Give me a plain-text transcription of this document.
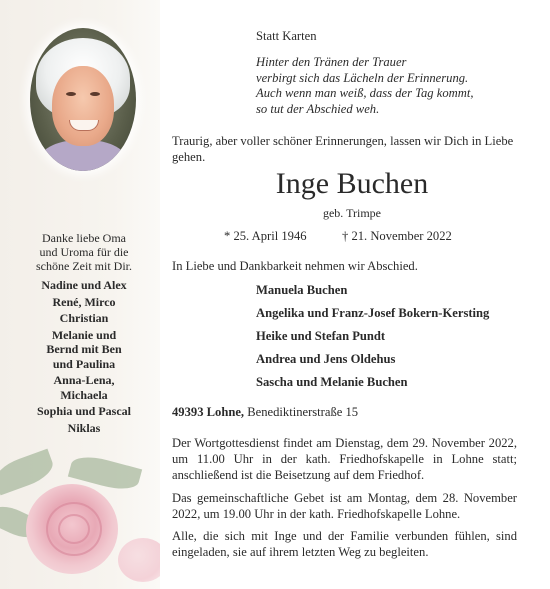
Danke liebe Oma
und Uroma für die
schöne Zeit mit Dir.
Nadine und Alex
René, Mirco
Christian
Melanie und
Bernd mit Ben
und Paulina
Anna-Lena,
Michaela
Sophia und Pascal
Niklas
Statt Karten
Hinter den Tränen der Trauer
verbirgt sich das Lächeln der Erinnerung.
Auch wenn man weiß, dass der Tag kommt,
so tut der Abschied weh.
Traurig, aber voller schöner Erinnerungen, lassen wir Dich in Liebe gehen.
Inge Buchen
geb. Trimpe
* 25. April 1946	† 21. November 2022
In Liebe und Dankbarkeit nehmen wir Abschied.
Manuela Buchen
Angelika und Franz-Josef Bokern-Kersting
Heike und Stefan Pundt
Andrea und Jens Oldehus
Sascha und Melanie Buchen
49393 Lohne, Benediktinerstraße 15
Der Wortgottesdienst findet am Dienstag, dem 29. November 2022, um 11.00 Uhr in der kath. Friedhofskapelle in Lohne statt; anschließend ist die Beisetzung auf dem Friedhof.
Das gemeinschaftliche Gebet ist am Montag, dem 28. November 2022, um 19.00 Uhr in der kath. Friedhofskapelle Lohne.
Alle, die sich mit Inge und der Familie verbunden fühlen, sind eingeladen, sie auf ihrem letzten Weg zu begleiten.
